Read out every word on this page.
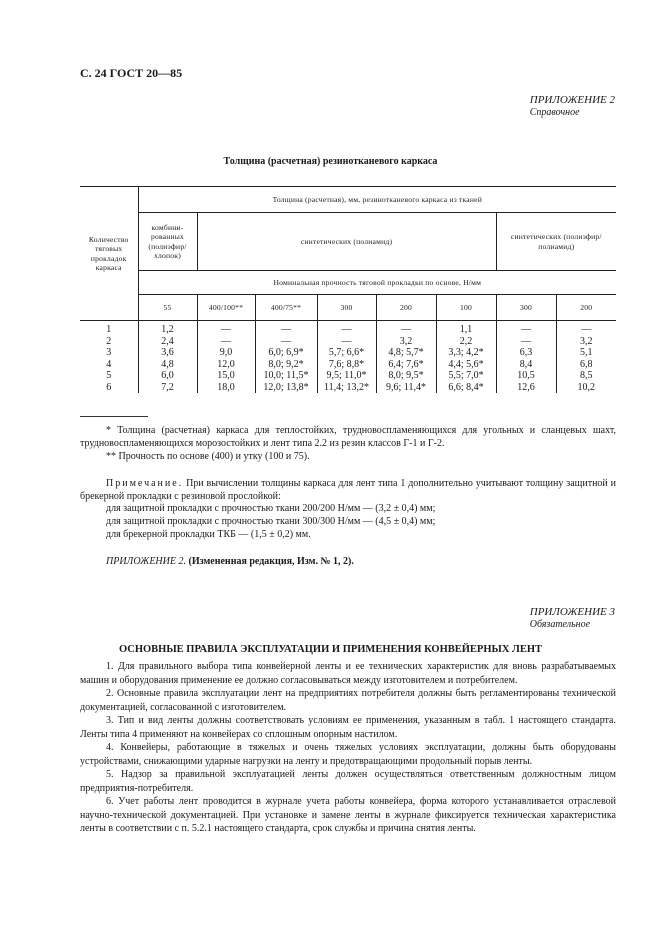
С. 24 ГОСТ 20—85
ПРИЛОЖЕНИЕ 2
Справочное
Толщина (расчетная) резинотканевого каркаса
Количество тяговых прокладок каркаса	Толщина (расчетная), мм, резинотканевого каркаса из тканей							
	комбини- рованных (полиэфир/ хлопок)	синтетических (полиамид)					синтетических (полиэфир/полиамид)	
	Номинальная прочность тяговой прокладки по основе, Н/мм							
	55	400/100**	400/75**	300	200	100	300	200
1	1,2	—	—	—	—	1,1	—	—
2	2,4	—	—	—	3,2	2,2	—	3,2
3	3,6	9,0	6,0; 6,9*	5,7; 6,6*	4,8; 5,7*	3,3; 4,2*	6,3	5,1
4	4,8	12,0	8,0; 9,2*	7,6; 8,8*	6,4; 7,6*	4,4; 5,6*	8,4	6,8
5	6,0	15,0	10,0; 11,5*	9,5; 11,0*	8,0; 9,5*	5,5; 7,0*	10,5	8,5
6	7,2	18,0	12,0; 13,8*	11,4; 13,2*	9,6; 11,4*	6,6; 8,4*	12,6	10,2
* Толщина (расчетная) каркаса для теплостойких, трудновоспламеняющихся для угольных и сланцевых шахт, трудновоспламеняющихся морозостойких и лент типа 2.2 из резин классов Г-1 и Г-2.
** Прочность по основе (400) и утку (100 и 75).
Примечание. При вычислении толщины каркаса для лент типа 1 дополнительно учитывают толщину защитной и брекерной прокладки с резиновой прослойкой:
для защитной прокладки с прочностью ткани 200/200 Н/мм — (3,2 ± 0,4) мм;
для защитной прокладки с прочностью ткани 300/300 Н/мм — (4,5 ± 0,4) мм;
для брекерной прокладки ТКБ — (1,5 ± 0,2) мм.
ПРИЛОЖЕНИЕ 2. (Измененная редакция, Изм. № 1, 2).
ПРИЛОЖЕНИЕ 3
Обязательное
ОСНОВНЫЕ ПРАВИЛА ЭКСПЛУАТАЦИИ И ПРИМЕНЕНИЯ КОНВЕЙЕРНЫХ ЛЕНТ

1. Для правильного выбора типа конвейерной ленты и ее технических характеристик для вновь разрабатываемых машин и оборудования применение ее должно согласовываться между изготовителем и потребителем.

2. Основные правила эксплуатации лент на предприятиях потребителя должны быть регламентированы технической документацией, согласованной с изготовителем.

3. Тип и вид ленты должны соответствовать условиям ее применения, указанным в табл. 1 настоящего стандарта. Ленты типа 4 применяют на конвейерах со сплошным опорным настилом.

4. Конвейеры, работающие в тяжелых и очень тяжелых условиях эксплуатации, должны быть оборудованы устройствами, снижающими ударные нагрузки на ленту и предотвращающими продольный порыв ленты.

5. Надзор за правильной эксплуатацией ленты должен осуществляться ответственным должностным лицом предприятия-потребителя.

6. Учет работы лент проводится в журнале учета работы конвейера, форма которого устанавливается отраслевой научно-технической документацией. При установке и замене ленты в журнале фиксируется техническая характеристика ленты в соответствии с п. 5.2.1 настоящего стандарта, срок службы и причина снятия ленты.
